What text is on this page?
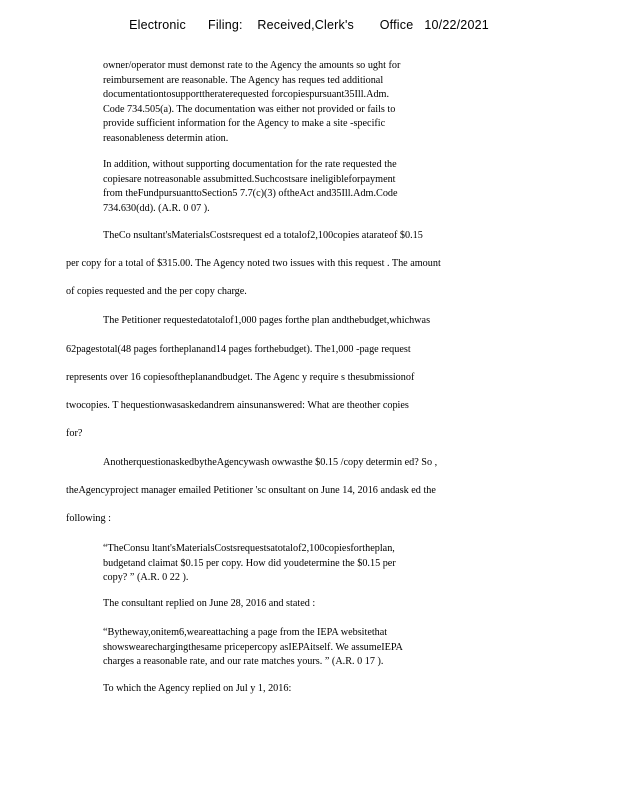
Electronic      Filing:    Received,Clerk's       Office   10/22/2021
owner/operator must demonst rate to the Agency the amounts so ught for
reimbursement are reasonable. The Agency has reques ted additional
documentationtosupporttheraterequested forcopiespursuant35Ill.Adm.
Code 734.505(a). The documentation was either not provided or fails to
provide sufficient information for the Agency to make a site -specific
reasonableness determin ation.
In addition, without supporting documentation for the rate requested the
copiesare notreasonable assubmitted.Suchcostsare ineligibleforpayment
from theFundpursuanttoSection5 7.7(c)(3) oftheAct and35Ill.Adm.Code
734.630(dd). (A.R. 0 07 ).
TheCo nsultant'sMaterialsCostsrequest ed a totalof2,100copies atarateof $0.15
per copy for a total of $315.00. The Agency noted two issues with this request . The amount
of copies requested and the per copy charge.
The Petitioner requestedatotalof1,000 pages forthe plan andthebudget,whichwas
62pagestotal(48 pages fortheplanand14 pages forthebudget). The1,000 -page request
represents over 16 copiesoftheplanandbudget. The Agenc y require s thesubmissionof
twocopies. T hequestionwasaskedandrem ainsunanswered: What are theother copies
for?
AnotherquestionaskedbytheAgencywash owwasthe $0.15 /copy determin ed? So ,
theAgencyproject manager emailed Petitioner 'sc onsultant on June 14, 2016 andask ed the
following :
“TheConsu ltant'sMaterialsCostsrequestsatotalof2,100copiesfortheplan,
budgetand claimat $0.15 per copy. How did youdetermine the $0.15 per
copy? ” (A.R. 0 22 ).
The consultant replied on June 28, 2016 and stated :
“Bytheway,onitem6,weareattaching a page from the IEPA websitethat
showswearechargingthesame pricepercopy asIEPAitself. We assumeIEPA
charges a reasonable rate, and our rate matches yours. ” (A.R. 0 17 ).
To which the Agency replied on Jul y 1, 2016:
